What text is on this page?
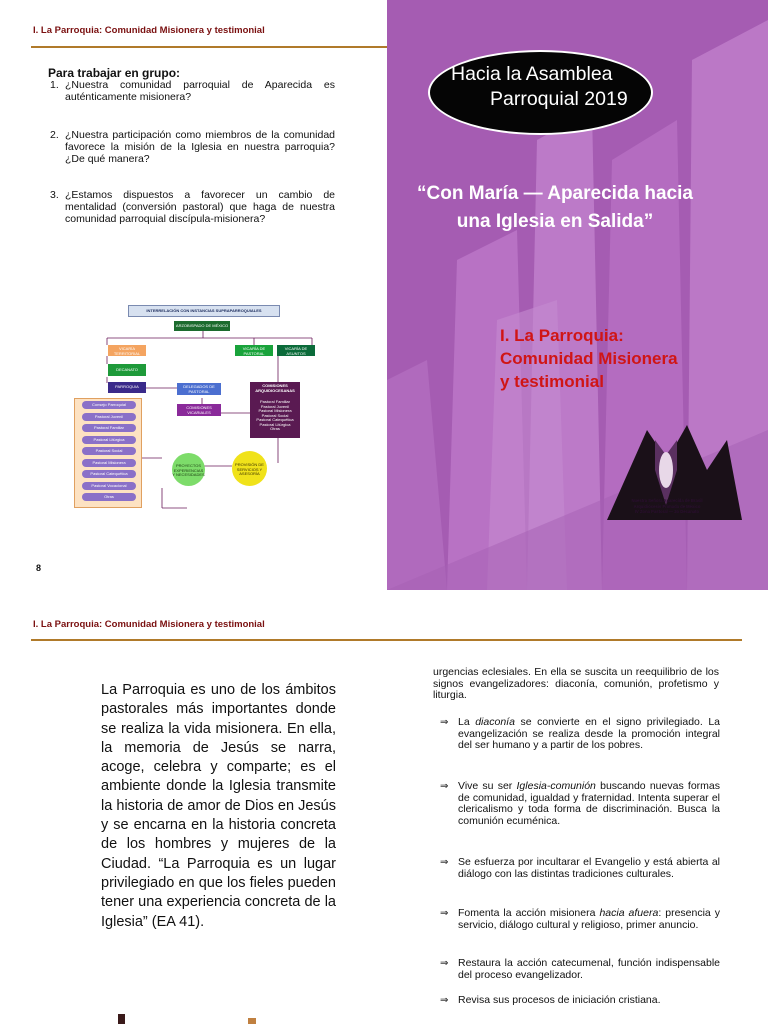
I. La Parroquia: Comunidad Misionera y testimonial
Para trabajar en grupo:
1. ¿Nuestra comunidad parroquial de Aparecida es auténticamente misionera?
2. ¿Nuestra participación como miembros de la comunidad favorece la misión de la Iglesia en nuestra parroquia? ¿De qué manera?
3. ¿Estamos dispuestos a favorecer un cambio de mentalidad (conversión pastoral) que haga de nuestra comunidad parroquial discípula-misionera?
INTERRELACIÓN CON INSTANCIAS SUPRAPARROQUIALES
ARZOBISPADO DE MÉXICO
VICARÍA TERRITORIAL
VICARÍA DE PASTORAL
VICARÍA DE ASUNTOS
DECANATO
PARROQUIA	DELEGADOS DE PASTORAL
COMISIONES VICARIALES
COMISIONES ARQUIDIOCESANAS
Pastoral Familiar
Pastoral Juvenil
Pastoral Misionera
Pastoral Social
Pastoral Catequética
Pastoral Litúrgica
Otras
Consejo Parroquial
Pastoral Juvenil
Pastoral Familiar
Pastoral Litúrgica
Pastoral Social
Pastoral Misionera
Pastoral Catequética
Pastoral Vocacional
Otras
PROYECTOS EXPERIENCIAS Y NECESIDADES
PROVISIÓN DE SERVICIOS Y ASESORÍA
8
Hacia la Asamblea
Parroquial 2019
“Con María — Aparecida hacia una Iglesia en Salida”
I. La Parroquia:
Comunidad Misionera
y testimonial
Nuestra Señora Aparecida de Brasil
Arquidiócesis Primada de México
IV Zona Pastoral — 2o Decanato
I. La Parroquia: Comunidad Misionera y testimonial
La Parroquia es uno de los ámbitos pastorales más importantes donde se realiza la vida misionera. En ella, la memoria de Jesús se narra, acoge, celebra y comparte; es el ambiente donde la Iglesia transmite la historia de amor de Dios en Jesús y se encarna en la historia concreta de los hombres y mujeres de la Ciudad. “La Parroquia es un lugar privilegiado en que los fieles pueden tener una experiencia concreta de la Iglesia” (EA 41).
urgencias eclesiales. En ella se suscita un reequilibrio de los signos evangelizadores: diaconía, comunión, profetismo y liturgia.
⇒ La diaconía se convierte en el signo privilegiado. La evangelización se realiza desde la promoción integral del ser humano y a partir de los pobres.
⇒ Vive su ser Iglesia-comunión buscando nuevas formas de comunidad, igualdad y fraternidad. Intenta superar el clericalismo y toda forma de discriminación. Busca la comunión ecuménica.
⇒ Se esfuerza por incultarar el Evangelio y está abierta al diálogo con las distintas tradiciones culturales.
⇒ Fomenta la acción misionera hacia afuera: presencia y servicio, diálogo cultural y religioso, primer anuncio.
⇒ Restaura la acción catecumenal, función indispensable del proceso evangelizador.
⇒ Revisa sus procesos de iniciación cristiana.
